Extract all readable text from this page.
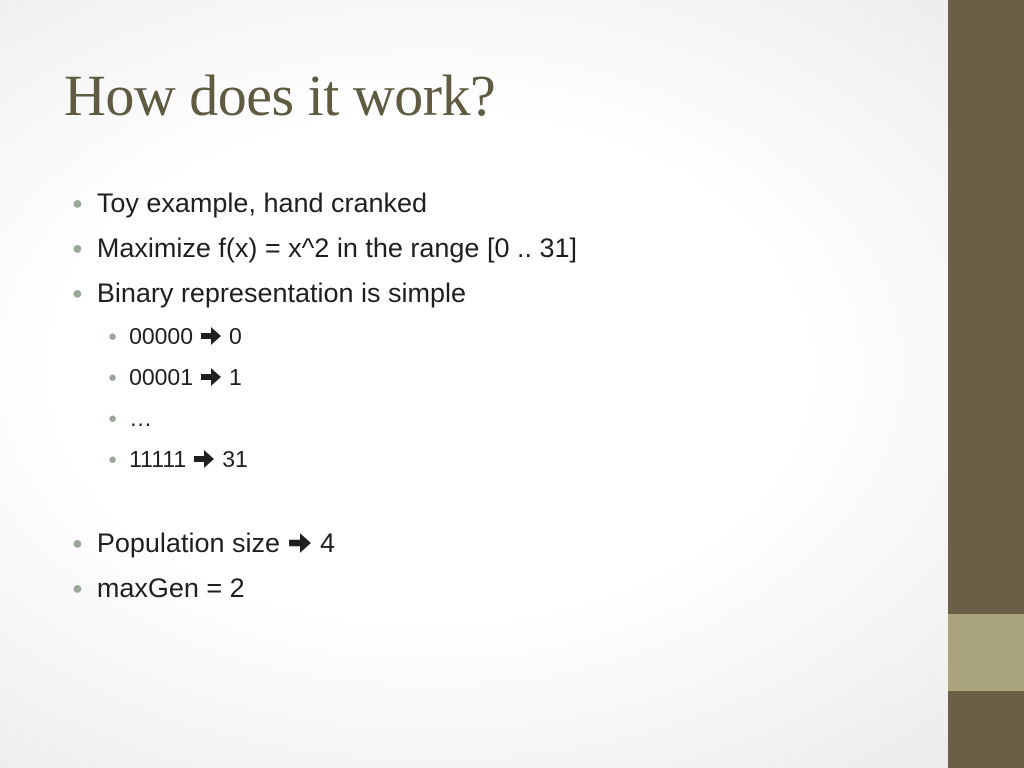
How does it work?
● Toy example, hand cranked
● Maximize f(x) = x^2 in the range [0 .. 31]
● Binary representation is simple
● 00000 0
● 00001 1
● …
● 11111 31
● Population size 4
● maxGen = 2
